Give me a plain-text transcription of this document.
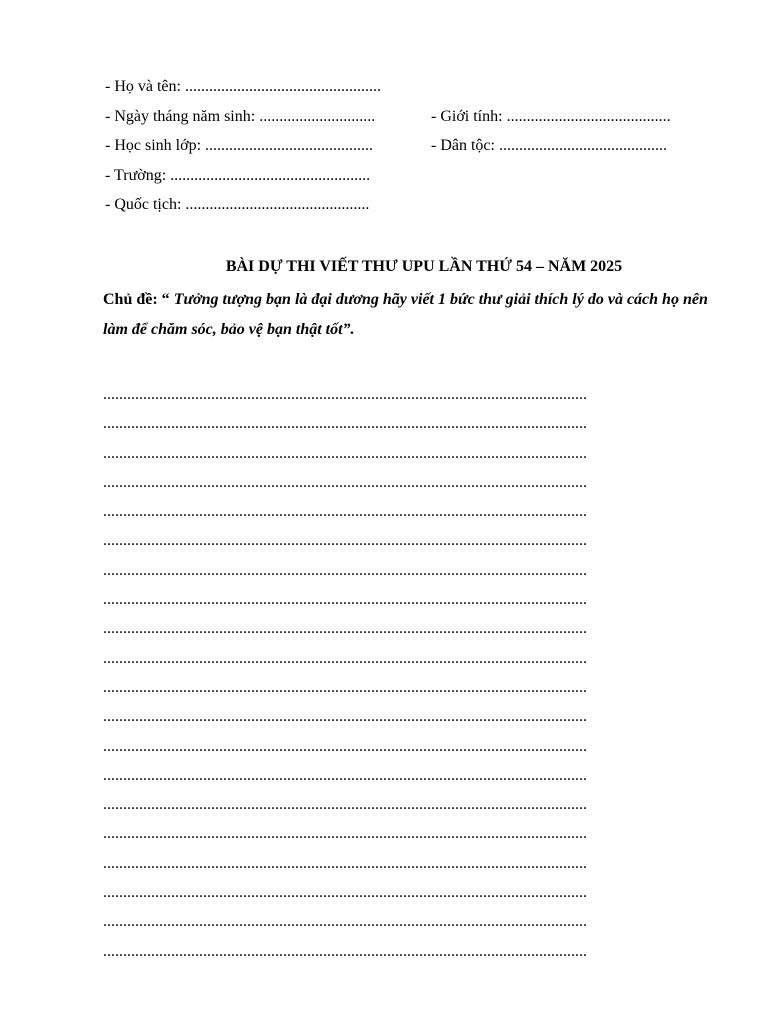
- Họ và tên: .................................................
- Ngày tháng năm sinh: .............................	- Giới tính: .........................................
- Học sinh lớp: ..........................................	- Dân tộc: ..........................................
- Trường: ..................................................
- Quốc tịch: ..............................................
BÀI DỰ THI VIẾT THƯ UPU LẦN THỨ 54 – NĂM 2025
Chủ đề: “ Tưởng tượng bạn là đại dương hãy viết 1 bức thư giải thích lý do và cách họ nên làm để chăm sóc, bảo vệ bạn thật tốt”.
.........................................................................................................................
.........................................................................................................................
.........................................................................................................................
.........................................................................................................................
.........................................................................................................................
.........................................................................................................................
.........................................................................................................................
.........................................................................................................................
.........................................................................................................................
.........................................................................................................................
.........................................................................................................................
.........................................................................................................................
.........................................................................................................................
.........................................................................................................................
.........................................................................................................................
.........................................................................................................................
.........................................................................................................................
.........................................................................................................................
.........................................................................................................................
.........................................................................................................................
